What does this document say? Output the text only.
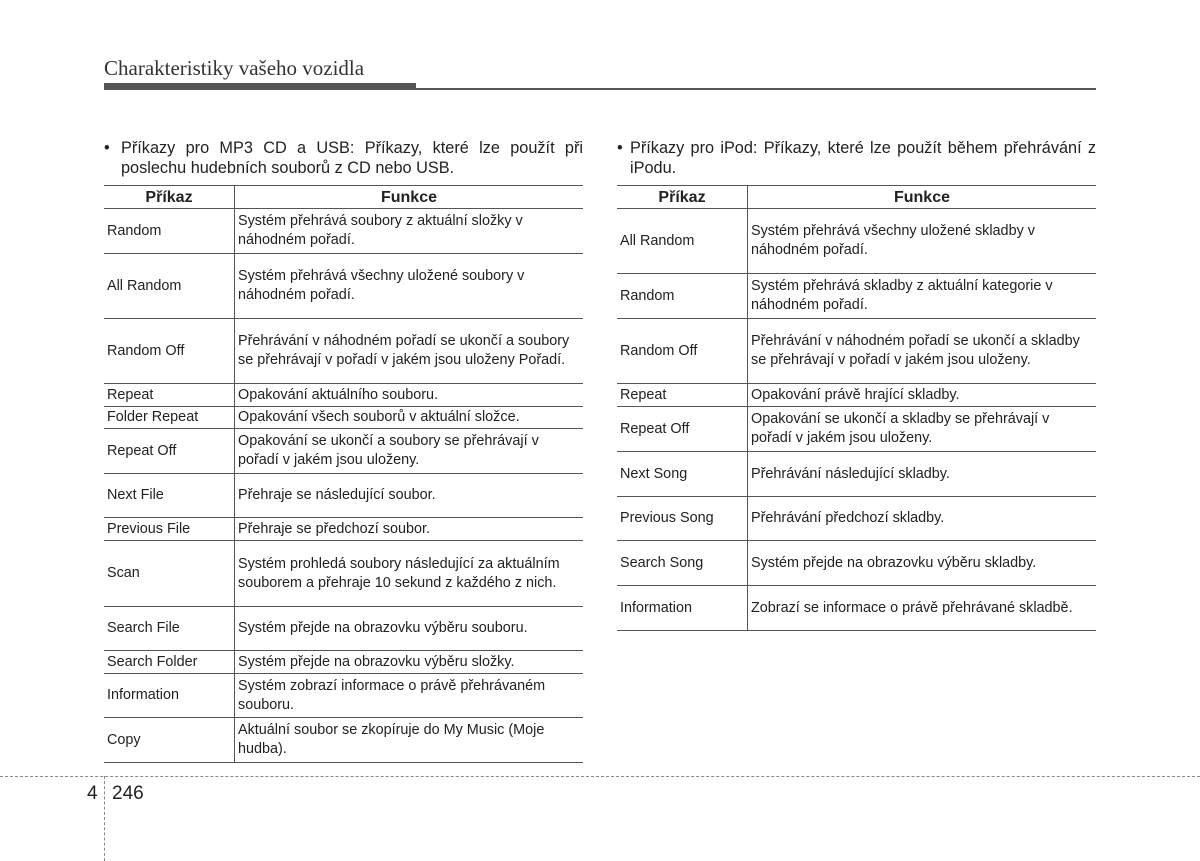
Charakteristiky vašeho vozidla
• Příkazy pro MP3 CD a USB: Příkazy, které lze použít při poslechu hudebních souborů z CD nebo USB.
Příkaz	Funkce
Random	Systém přehrává soubory z aktuální složky v náhodném pořadí.
All Random	Systém přehrává všechny uložené soubory v náhodném pořadí.
Random Off	Přehrávání v náhodném pořadí se ukončí a soubory se přehrávají v pořadí v jakém jsou uloženy Pořadí.
Repeat	Opakování aktuálního souboru.
Folder Repeat	Opakování všech souborů v aktuální složce.
Repeat Off	Opakování se ukončí a soubory se přehrávají v pořadí v jakém jsou uloženy.
Next File	Přehraje se následující soubor.
Previous File	Přehraje se předchozí soubor.
Scan	Systém prohledá soubory následující za aktuálním souborem a přehraje 10 sekund z každého z nich.
Search File	Systém přejde na obrazovku výběru souboru.
Search Folder	Systém přejde na obrazovku výběru složky.
Information	Systém zobrazí informace o právě přehrávaném souboru.
Copy	Aktuální soubor se zkopíruje do My Music (Moje hudba).
• Příkazy pro iPod: Příkazy, které lze použít během přehrávání z iPodu.
Příkaz	Funkce
All Random	Systém přehrává všechny uložené skladby v náhodném pořadí.
Random	Systém přehrává skladby z aktuální kategorie v náhodném pořadí.
Random Off	Přehrávání v náhodném pořadí se ukončí a skladby se přehrávají v pořadí v jakém jsou uloženy.
Repeat	Opakování právě hrající skladby.
Repeat Off	Opakování se ukončí a skladby se přehrávají v pořadí v jakém jsou uloženy.
Next Song	Přehrávání následující skladby.
Previous Song	Přehrávání předchozí skladby.
Search Song	Systém přejde na obrazovku výběru skladby.
Information	Zobrazí se informace o právě přehrávané skladbě.
4 246
